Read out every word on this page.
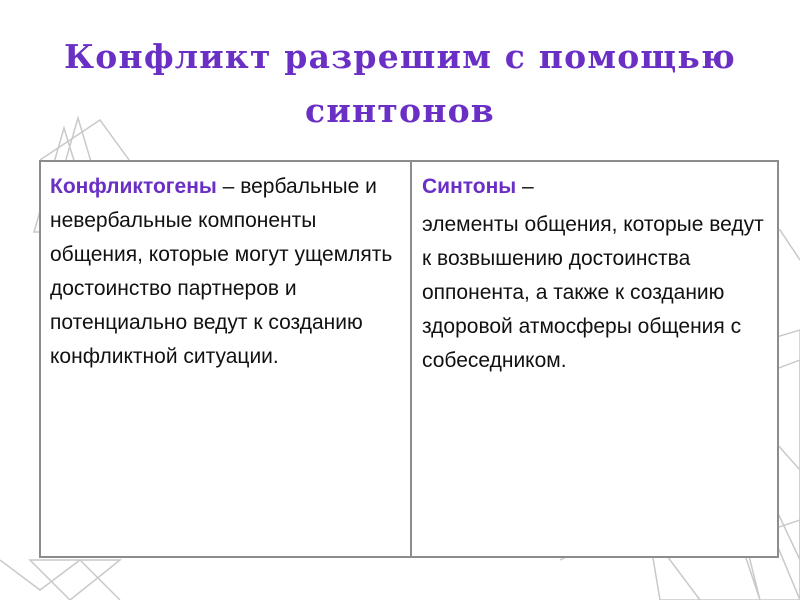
Конфликт разрешим с помощью
синтонов
Конфликтогены – вербальные и невербальные компоненты общения, которые могут ущемлять достоинство партнеров и потенциально ведут к созданию конфликтной ситуации.
Синтоны –
элементы общения, которые ведут к возвышению достоинства оппонента, а также к созданию здоровой атмосферы общения с собеседником.
